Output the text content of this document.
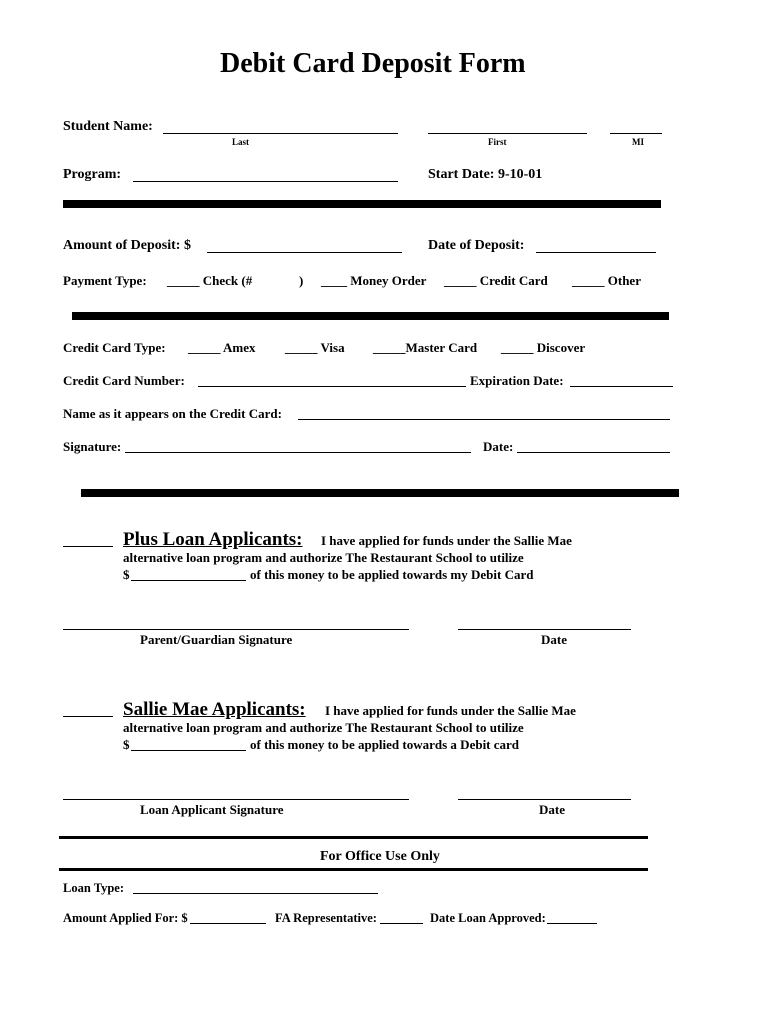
Debit Card Deposit Form
Student Name:
Last	First	MI
Program:	Start Date: 9-10-01
Amount of Deposit: $	Date of Deposit:
Payment Type: _____ Check (#	) ____ Money Order _____ Credit Card _____ Other
Credit Card Type: _____ Amex _____ Visa _____Master Card _____ Discover
Credit Card Number:	Expiration Date:
Name as it appears on the Credit Card:
Signature:	Date:
Plus Loan Applicants: I have applied for funds under the Sallie Mae
alternative loan program and authorize The Restaurant School to utilize
$	of this money to be applied towards my Debit Card
Parent/Guardian Signature	Date
Sallie Mae Applicants: I have applied for funds under the Sallie Mae
alternative loan program and authorize The Restaurant School to utilize
$	of this money to be applied towards a Debit card
Loan Applicant Signature	Date
For Office Use Only
Loan Type:
Amount Applied For: $	FA Representative:	Date Loan Approved:
